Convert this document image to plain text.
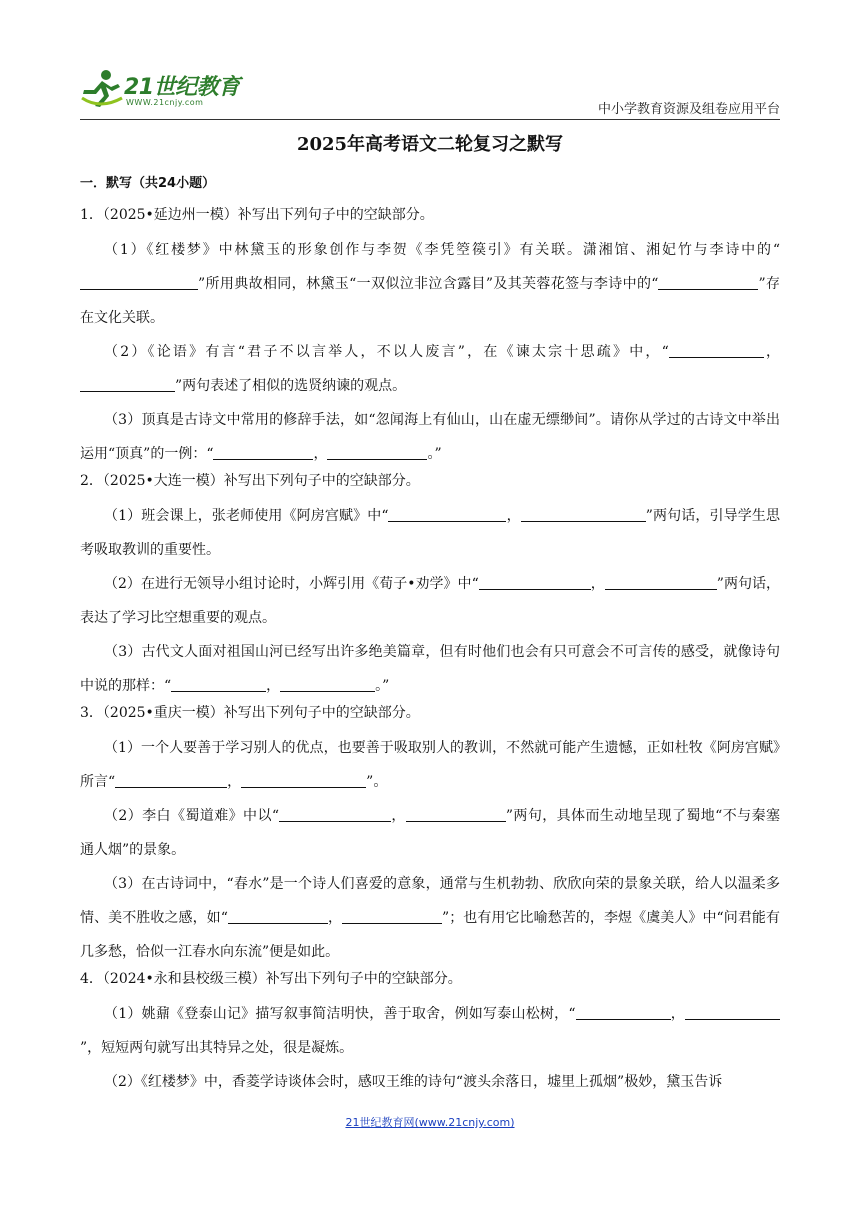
21世纪教育
WWW.21cnjy.com	中小学教育资源及组卷应用平台
2025年高考语文二轮复习之默写
一．默写（共24小题）

1．（2025•延边州一模）补写出下列句子中的空缺部分。

（1）《红楼梦》中林黛玉的形象创作与李贺《李凭箜篌引》有关联。潇湘馆、湘妃竹与李诗中的“”所用典故相同，林黛玉“一双似泣非泣含露目”及其芙蓉花签与李诗中的“	”存在文化关联。

（2）《论语》有言“君子不以言举人，不以人废言”，在《谏太宗十思疏》中，“	，”两句表述了相似的选贤纳谏的观点。

（3）顶真是古诗文中常用的修辞手法，如“忽闻海上有仙山，山在虚无缥缈间”。请你从学过的古诗文中举出运用“顶真”的一例：“	，	。”

2．（2025•大连一模）补写出下列句子中的空缺部分。

（1）班会课上，张老师使用《阿房宫赋》中“	，	”两句话，引导学生思考吸取教训的重要性。

（2）在进行无领导小组讨论时，小辉引用《荀子•劝学》中“	，	”两句话，表达了学习比空想重要的观点。

（3）古代文人面对祖国山河已经写出许多绝美篇章，但有时他们也会有只可意会不可言传的感受，就像诗句中说的那样：“	，	。”

3．（2025•重庆一模）补写出下列句子中的空缺部分。

（1）一个人要善于学习别人的优点，也要善于吸取别人的教训，不然就可能产生遗憾，正如杜牧《阿房宫赋》所言“	，	”。

（2）李白《蜀道难》中以“	，	”两句，具体而生动地呈现了蜀地“不与秦塞通人烟”的景象。

（3）在古诗词中，“春水”是一个诗人们喜爱的意象，通常与生机勃勃、欣欣向荣的景象关联，给人以温柔多情、美不胜收之感，如“	，	”；也有用它比喻愁苦的，李煜《虞美人》中“问君能有几多愁，恰似一江春水向东流”便是如此。

4．（2024•永和县校级三模）补写出下列句子中的空缺部分。

（1）姚鼐《登泰山记》描写叙事简洁明快，善于取舍，例如写泰山松树，“	，”，短短两句就写出其特异之处，很是凝炼。

（2）《红楼梦》中，香菱学诗谈体会时，感叹王维的诗句“渡头余落日，墟里上孤烟”极妙，黛玉告诉

21世纪教育网(www.21cnjy.com)
